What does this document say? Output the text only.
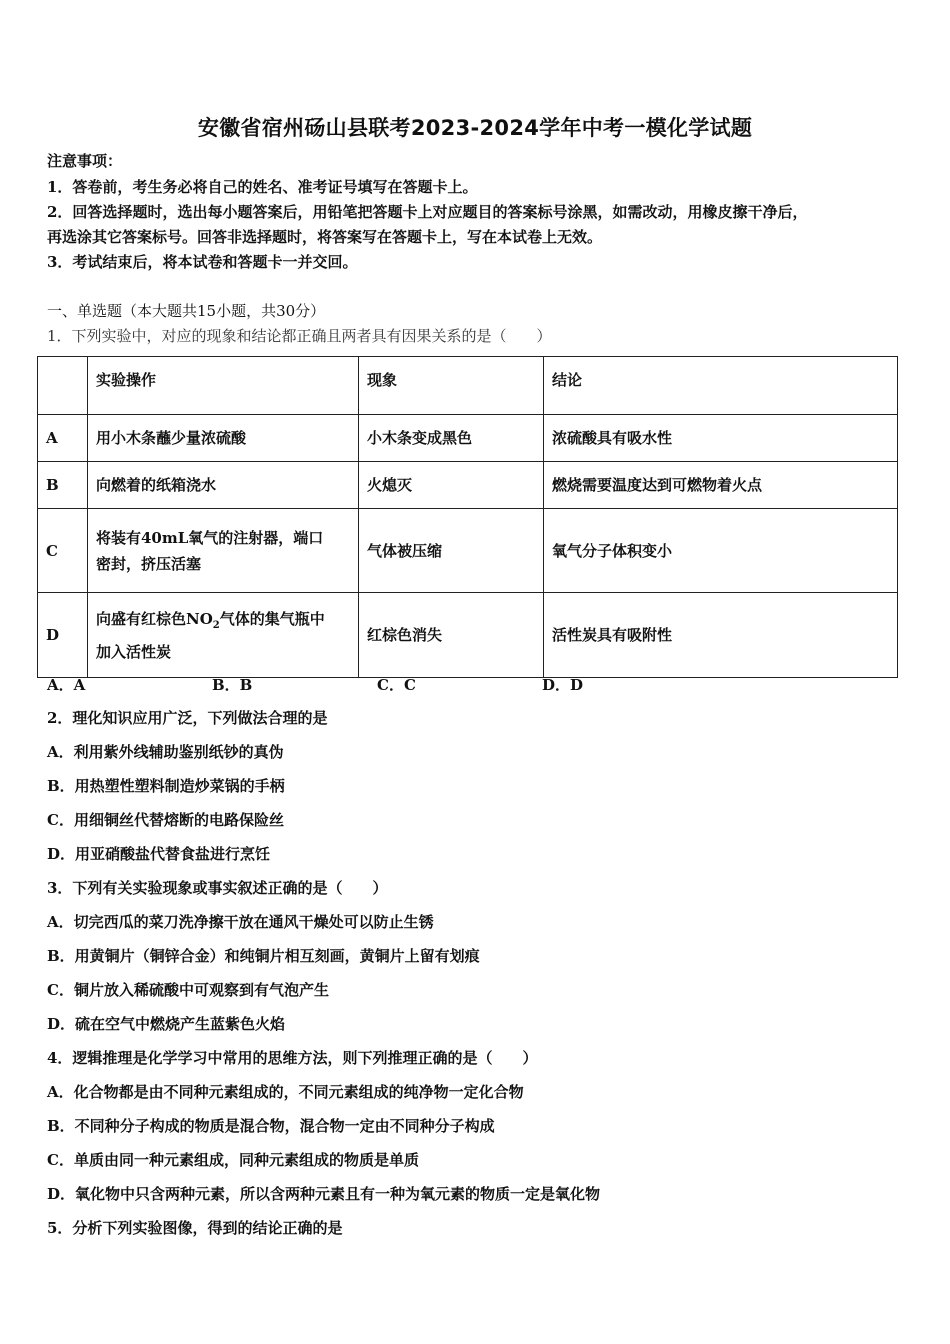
安徽省宿州砀山县联考2023-2024学年中考一模化学试题
注意事项：
1．答卷前，考生务必将自己的姓名、准考证号填写在答题卡上。
2．回答选择题时，选出每小题答案后，用铅笔把答题卡上对应题目的答案标号涂黑，如需改动，用橡皮擦干净后，
再选涂其它答案标号。回答非选择题时，将答案写在答题卡上，写在本试卷上无效。
3．考试结束后，将本试卷和答题卡一并交回。
一、单选题（本大题共15小题，共30分）
1．下列实验中，对应的现象和结论都正确且两者具有因果关系的是（　　）
	实验操作	现象	结论
A	用小木条蘸少量浓硫酸	小木条变成黑色	浓硫酸具有吸水性
B	向燃着的纸箱浇水	火熄灭	燃烧需要温度达到可燃物着火点
C	将装有40mL氧气的注射器，端口
密封，挤压活塞	气体被压缩	氧气分子体积变小
D	向盛有红棕色$NO_2$气体的集气瓶中
加入活性炭	红棕色消失	活性炭具有吸附性
A．A	B．B	C．C	D．D
2．理化知识应用广泛，下列做法合理的是
A．利用紫外线辅助鉴别纸钞的真伪
B．用热塑性塑料制造炒菜锅的手柄
C．用细铜丝代替熔断的电路保险丝
D．用亚硝酸盐代替食盐进行烹饪
3．下列有关实验现象或事实叙述正确的是（　　）
A．切完西瓜的菜刀洗净擦干放在通风干燥处可以防止生锈
B．用黄铜片（铜锌合金）和纯铜片相互刻画，黄铜片上留有划痕
C．铜片放入稀硫酸中可观察到有气泡产生
D．硫在空气中燃烧产生蓝紫色火焰
4．逻辑推理是化学学习中常用的思维方法，则下列推理正确的是（　　）
A．化合物都是由不同种元素组成的，不同元素组成的纯净物一定化合物
B．不同种分子构成的物质是混合物，混合物一定由不同种分子构成
C．单质由同一种元素组成，同种元素组成的物质是单质
D．氧化物中只含两种元素，所以含两种元素且有一种为氧元素的物质一定是氧化物
5．分析下列实验图像，得到的结论正确的是
